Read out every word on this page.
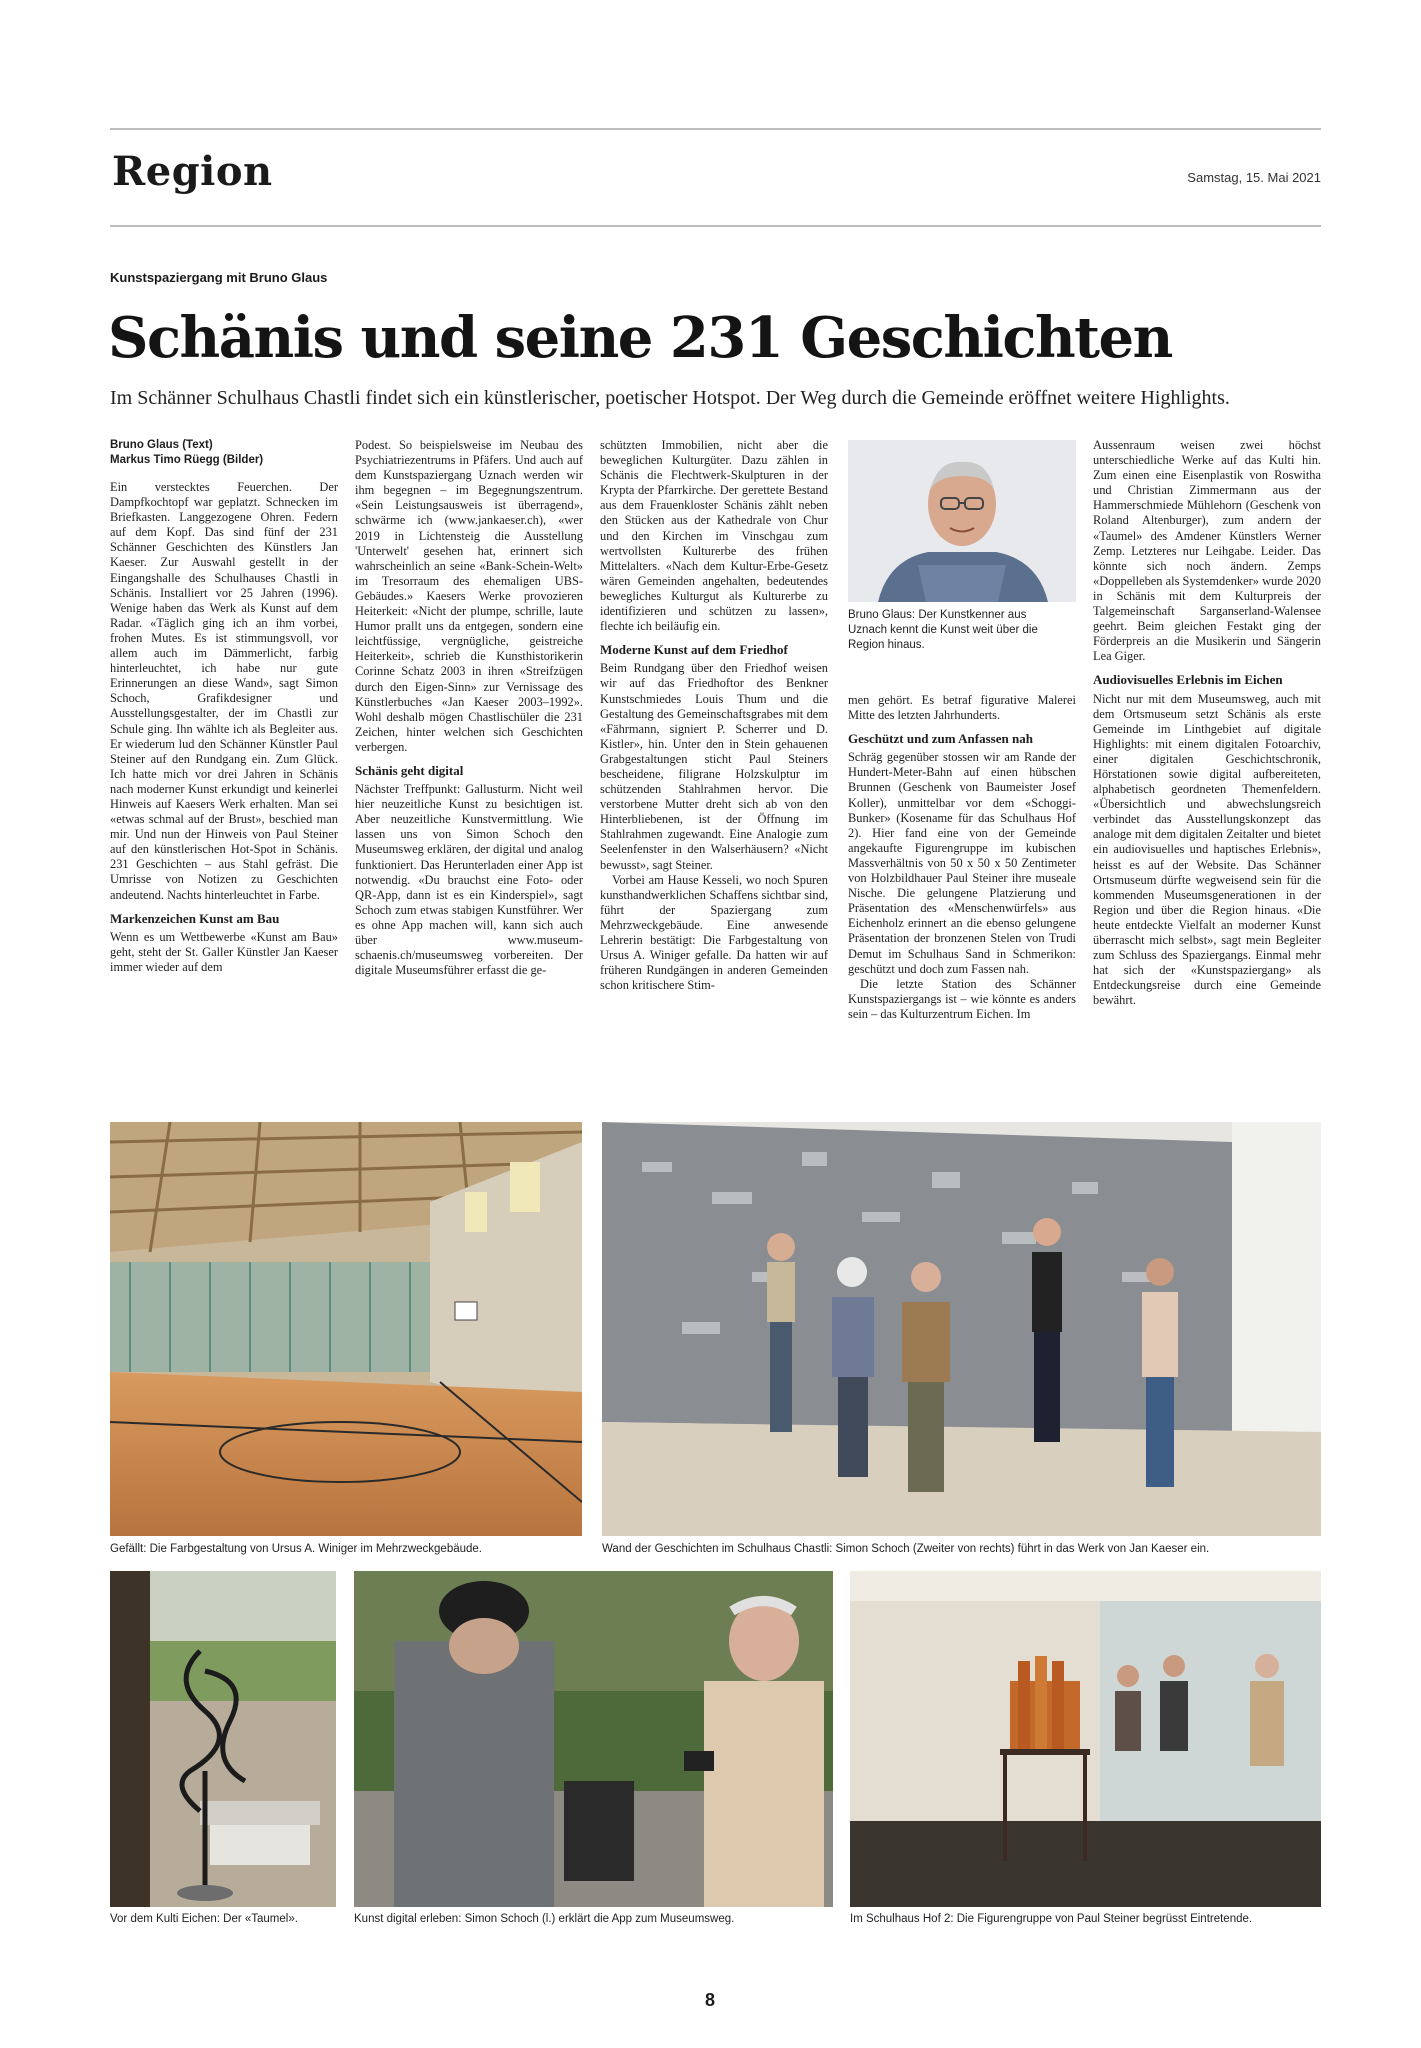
Region	Samstag, 15. Mai 2021
Kunstspaziergang mit Bruno Glaus
Schänis und seine 231 Geschichten
Im Schänner Schulhaus Chastli findet sich ein künstlerischer, poetischer Hotspot. Der Weg durch die Gemeinde eröffnet weitere Highlights.
Bruno Glaus (Text)
Markus Timo Rüegg (Bilder)

Ein verstecktes Feuerchen. Der Dampfkochtopf war geplatzt. Schnecken im Briefkasten. Langgezogene Ohren. Federn auf dem Kopf. Das sind fünf der 231 Schänner Geschichten des Künstlers Jan Kaeser. Zur Auswahl gestellt in der Eingangshalle des Schulhauses Chastli in Schänis. Installiert vor 25 Jahren (1996). Wenige haben das Werk als Kunst auf dem Radar. «Täglich ging ich an ihm vorbei, frohen Mutes. Es ist stimmungsvoll, vor allem auch im Dämmerlicht, farbig hinterleuchtet, ich habe nur gute Erinnerungen an diese Wand», sagt Simon Schoch, Grafikdesigner und Ausstellungsgestalter, der im Chastli zur Schule ging. Ihn wählte ich als Begleiter aus. Er wiederum lud den Schänner Künstler Paul Steiner auf den Rundgang ein. Zum Glück. Ich hatte mich vor drei Jahren in Schänis nach moderner Kunst erkundigt und keinerlei Hinweis auf Kaesers Werk erhalten. Man sei «etwas schmal auf der Brust», beschied man mir. Und nun der Hinweis von Paul Steiner auf den künstlerischen Hot-Spot in Schänis. 231 Geschichten – aus Stahl gefräst. Die Umrisse von Notizen zu Geschichten andeutend. Nachts hinterleuchtet in Farbe.

Markenzeichen Kunst am Bau

Wenn es um Wettbewerbe «Kunst am Bau» geht, steht der St. Galler Künstler Jan Kaeser immer wieder auf dem

Podest. So beispielsweise im Neubau des Psychiatriezentrums in Pfäfers. Und auch auf dem Kunstspaziergang Uznach werden wir ihm begegnen – im Begegnungszentrum. «Sein Leistungsausweis ist überragend», schwärme ich (www.jankaeser.ch), «wer 2019 in Lichtensteig die Ausstellung 'Unterwelt' gesehen hat, erinnert sich wahrscheinlich an seine «Bank-Schein-Welt» im Tresorraum des ehemaligen UBS-Gebäudes.» Kaesers Werke provozieren Heiterkeit: «Nicht der plumpe, schrille, laute Humor prallt uns da entgegen, sondern eine leichtfüssige, vergnügliche, geistreiche Heiterkeit», schrieb die Kunsthistorikerin Corinne Schatz 2003 in ihren «Streifzügen durch den Eigen-Sinn» zur Vernissage des Künstlerbuches «Jan Kaeser 2003–1992». Wohl deshalb mögen Chastlischüler die 231 Zeichen, hinter welchen sich Geschichten verbergen.

Schänis geht digital

Nächster Treffpunkt: Gallusturm. Nicht weil hier neuzeitliche Kunst zu besichtigen ist. Aber neuzeitliche Kunstvermittlung. Wie lassen uns von Simon Schoch den Museumsweg erklären, der digital und analog funktioniert. Das Herunterladen einer App ist notwendig. «Du brauchst eine Foto- oder QR-App, dann ist es ein Kinderspiel», sagt Schoch zum etwas stabigen Kunstführer. Wer es ohne App machen will, kann sich auch über www.museum-schaenis.ch/museumsweg vorbereiten. Der digitale Museumsführer erfasst die ge-

schützten Immobilien, nicht aber die beweglichen Kulturgüter. Dazu zählen in Schänis die Flechtwerk-Skulpturen in der Krypta der Pfarrkirche. Der gerettete Bestand aus dem Frauenkloster Schänis zählt neben den Stücken aus der Kathedrale von Chur und den Kirchen im Vinschgau zum wertvollsten Kulturerbe des frühen Mittelalters. «Nach dem Kultur-Erbe-Gesetz wären Gemeinden angehalten, bedeutendes bewegliches Kulturgut als Kulturerbe zu identifizieren und schützen zu lassen», flechte ich beiläufig ein.

Moderne Kunst auf dem Friedhof

Beim Rundgang über den Friedhof weisen wir auf das Friedhoftor des Benkner Kunstschmiedes Louis Thum und die Gestaltung des Gemeinschaftsgrabes mit dem «Fährmann, signiert P. Scherrer und D. Kistler», hin. Unter den in Stein gehauenen Grabgestaltungen sticht Paul Steiners bescheidene, filigrane Holzskulptur im schützenden Stahlrahmen hervor. Die verstorbene Mutter dreht sich ab von den Hinterbliebenen, ist der Öffnung im Stahlrahmen zugewandt. Eine Analogie zum Seelenfenster in den Walserhäusern? «Nicht bewusst», sagt Steiner.

Vorbei am Hause Kesseli, wo noch Spuren kunsthandwerklichen Schaffens sichtbar sind, führt der Spaziergang zum Mehrzweckgebäude. Eine anwesende Lehrerin bestätigt: Die Farbgestaltung von Ursus A. Winiger gefalle. Da hatten wir auf früheren Rundgängen in anderen Gemeinden schon kritischere Stim-

Bruno Glaus: Der Kunstkenner aus Uznach kennt die Kunst weit über die Region hinaus.

men gehört. Es betraf figurative Malerei Mitte des letzten Jahrhunderts.

Geschützt und zum Anfassen nah

Schräg gegenüber stossen wir am Rande der Hundert-Meter-Bahn auf einen hübschen Brunnen (Geschenk von Baumeister Josef Koller), unmittelbar vor dem «Schoggi-Bunker» (Kosename für das Schulhaus Hof 2). Hier fand eine von der Gemeinde angekaufte Figurengruppe im kubischen Massverhältnis von 50 x 50 x 50 Zentimeter von Holzbildhauer Paul Steiner ihre museale Nische. Die gelungene Platzierung und Präsentation des «Menschenwürfels» aus Eichenholz erinnert an die ebenso gelungene Präsentation der bronzenen Stelen von Trudi Demut im Schulhaus Sand in Schmerikon: geschützt und doch zum Fassen nah.

Die letzte Station des Schänner Kunstspaziergangs ist – wie könnte es anders sein – das Kulturzentrum Eichen. Im

Aussenraum weisen zwei höchst unterschiedliche Werke auf das Kulti hin. Zum einen eine Eisenplastik von Roswitha und Christian Zimmermann aus der Hammerschmiede Mühlehorn (Geschenk von Roland Altenburger), zum andern der «Taumel» des Amdener Künstlers Werner Zemp. Letzteres nur Leihgabe. Leider. Das könnte sich noch ändern. Zemps «Doppelleben als Systemdenker» wurde 2020 in Schänis mit dem Kulturpreis der Talgemeinschaft Sarganserland-Walensee geehrt. Beim gleichen Festakt ging der Förderpreis an die Musikerin und Sängerin Lea Giger.

Audiovisuelles Erlebnis im Eichen

Nicht nur mit dem Museumsweg, auch mit dem Ortsmuseum setzt Schänis als erste Gemeinde im Linthgebiet auf digitale Highlights: mit einem digitalen Fotoarchiv, einer digitalen Geschichtschronik, Hörstationen sowie digital aufbereiteten, alphabetisch geordneten Themenfeldern. «Übersichtlich und abwechslungsreich verbindet das Ausstellungskonzept das analoge mit dem digitalen Zeitalter und bietet ein audiovisuelles und haptisches Erlebnis», heisst es auf der Website. Das Schänner Ortsmuseum dürfte wegweisend sein für die kommenden Museumsgenerationen in der Region und über die Region hinaus. «Die heute entdeckte Vielfalt an moderner Kunst überrascht mich selbst», sagt mein Begleiter zum Schluss des Spaziergangs. Einmal mehr hat sich der «Kunstspaziergang» als Entdeckungsreise durch eine Gemeinde bewährt.

Gefällt: Die Farbgestaltung von Ursus A. Winiger im Mehrzweckgebäude.	Wand der Geschichten im Schulhaus Chastli: Simon Schoch (Zweiter von rechts) führt in das Werk von Jan Kaeser ein.
Vor dem Kulti Eichen: Der «Taumel».	Kunst digital erleben: Simon Schoch (l.) erklärt die App zum Museumsweg.	Im Schulhaus Hof 2: Die Figurengruppe von Paul Steiner begrüsst Eintretende.
8
